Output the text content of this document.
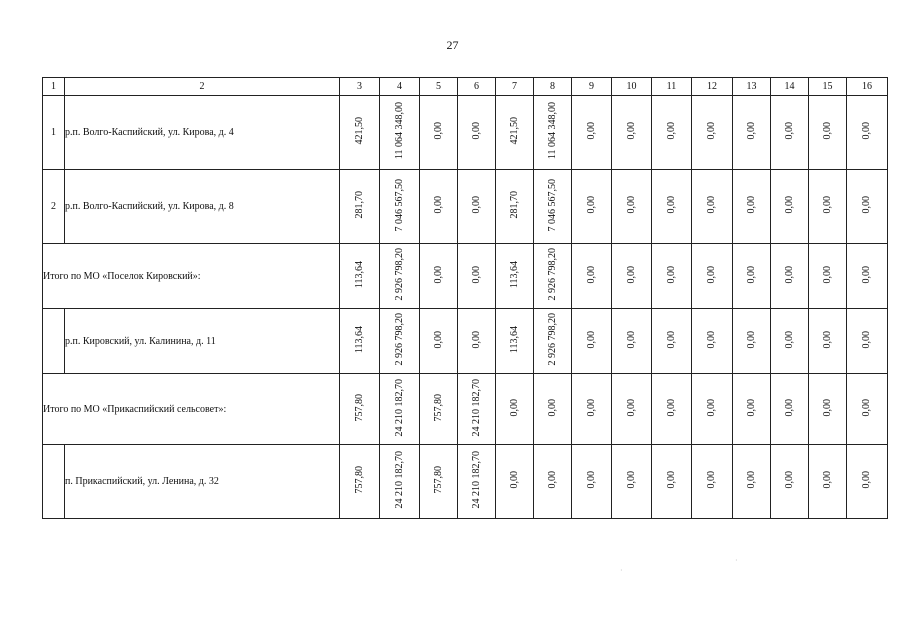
27
1	2	3	4	5	6	7	8	9	10	11	12	13	14	15	16
1	р.п. Волго-Каспийский, ул. Кирова, д. 4	421,50	11 064 348,00	0,00	0,00	421,50	11 064 348,00	0,00	0,00	0,00	0,00	0,00	0,00	0,00	0,00
2	р.п. Волго-Каспийский, ул. Кирова, д. 8	281,70	7 046 567,50	0,00	0,00	281,70	7 046 567,50	0,00	0,00	0,00	0,00	0,00	0,00	0,00	0,00
Итого по МО «Поселок Кировский»:		113,64	2 926 798,20	0,00	0,00	113,64	2 926 798,20	0,00	0,00	0,00	0,00	0,00	0,00	0,00	0,00
	р.п. Кировский, ул. Калинина, д. 11	113,64	2 926 798,20	0,00	0,00	113,64	2 926 798,20	0,00	0,00	0,00	0,00	0,00	0,00	0,00	0,00
Итого по МО «Прикаспийский сельсовет»:		757,80	24 210 182,70	757,80	24 210 182,70	0,00	0,00	0,00	0,00	0,00	0,00	0,00	0,00	0,00	0,00
	п. Прикаспийский, ул. Ленина, д. 32	757,80	24 210 182,70	757,80	24 210 182,70	0,00	0,00	0,00	0,00	0,00	0,00	0,00	0,00	0,00	0,00
·
·
